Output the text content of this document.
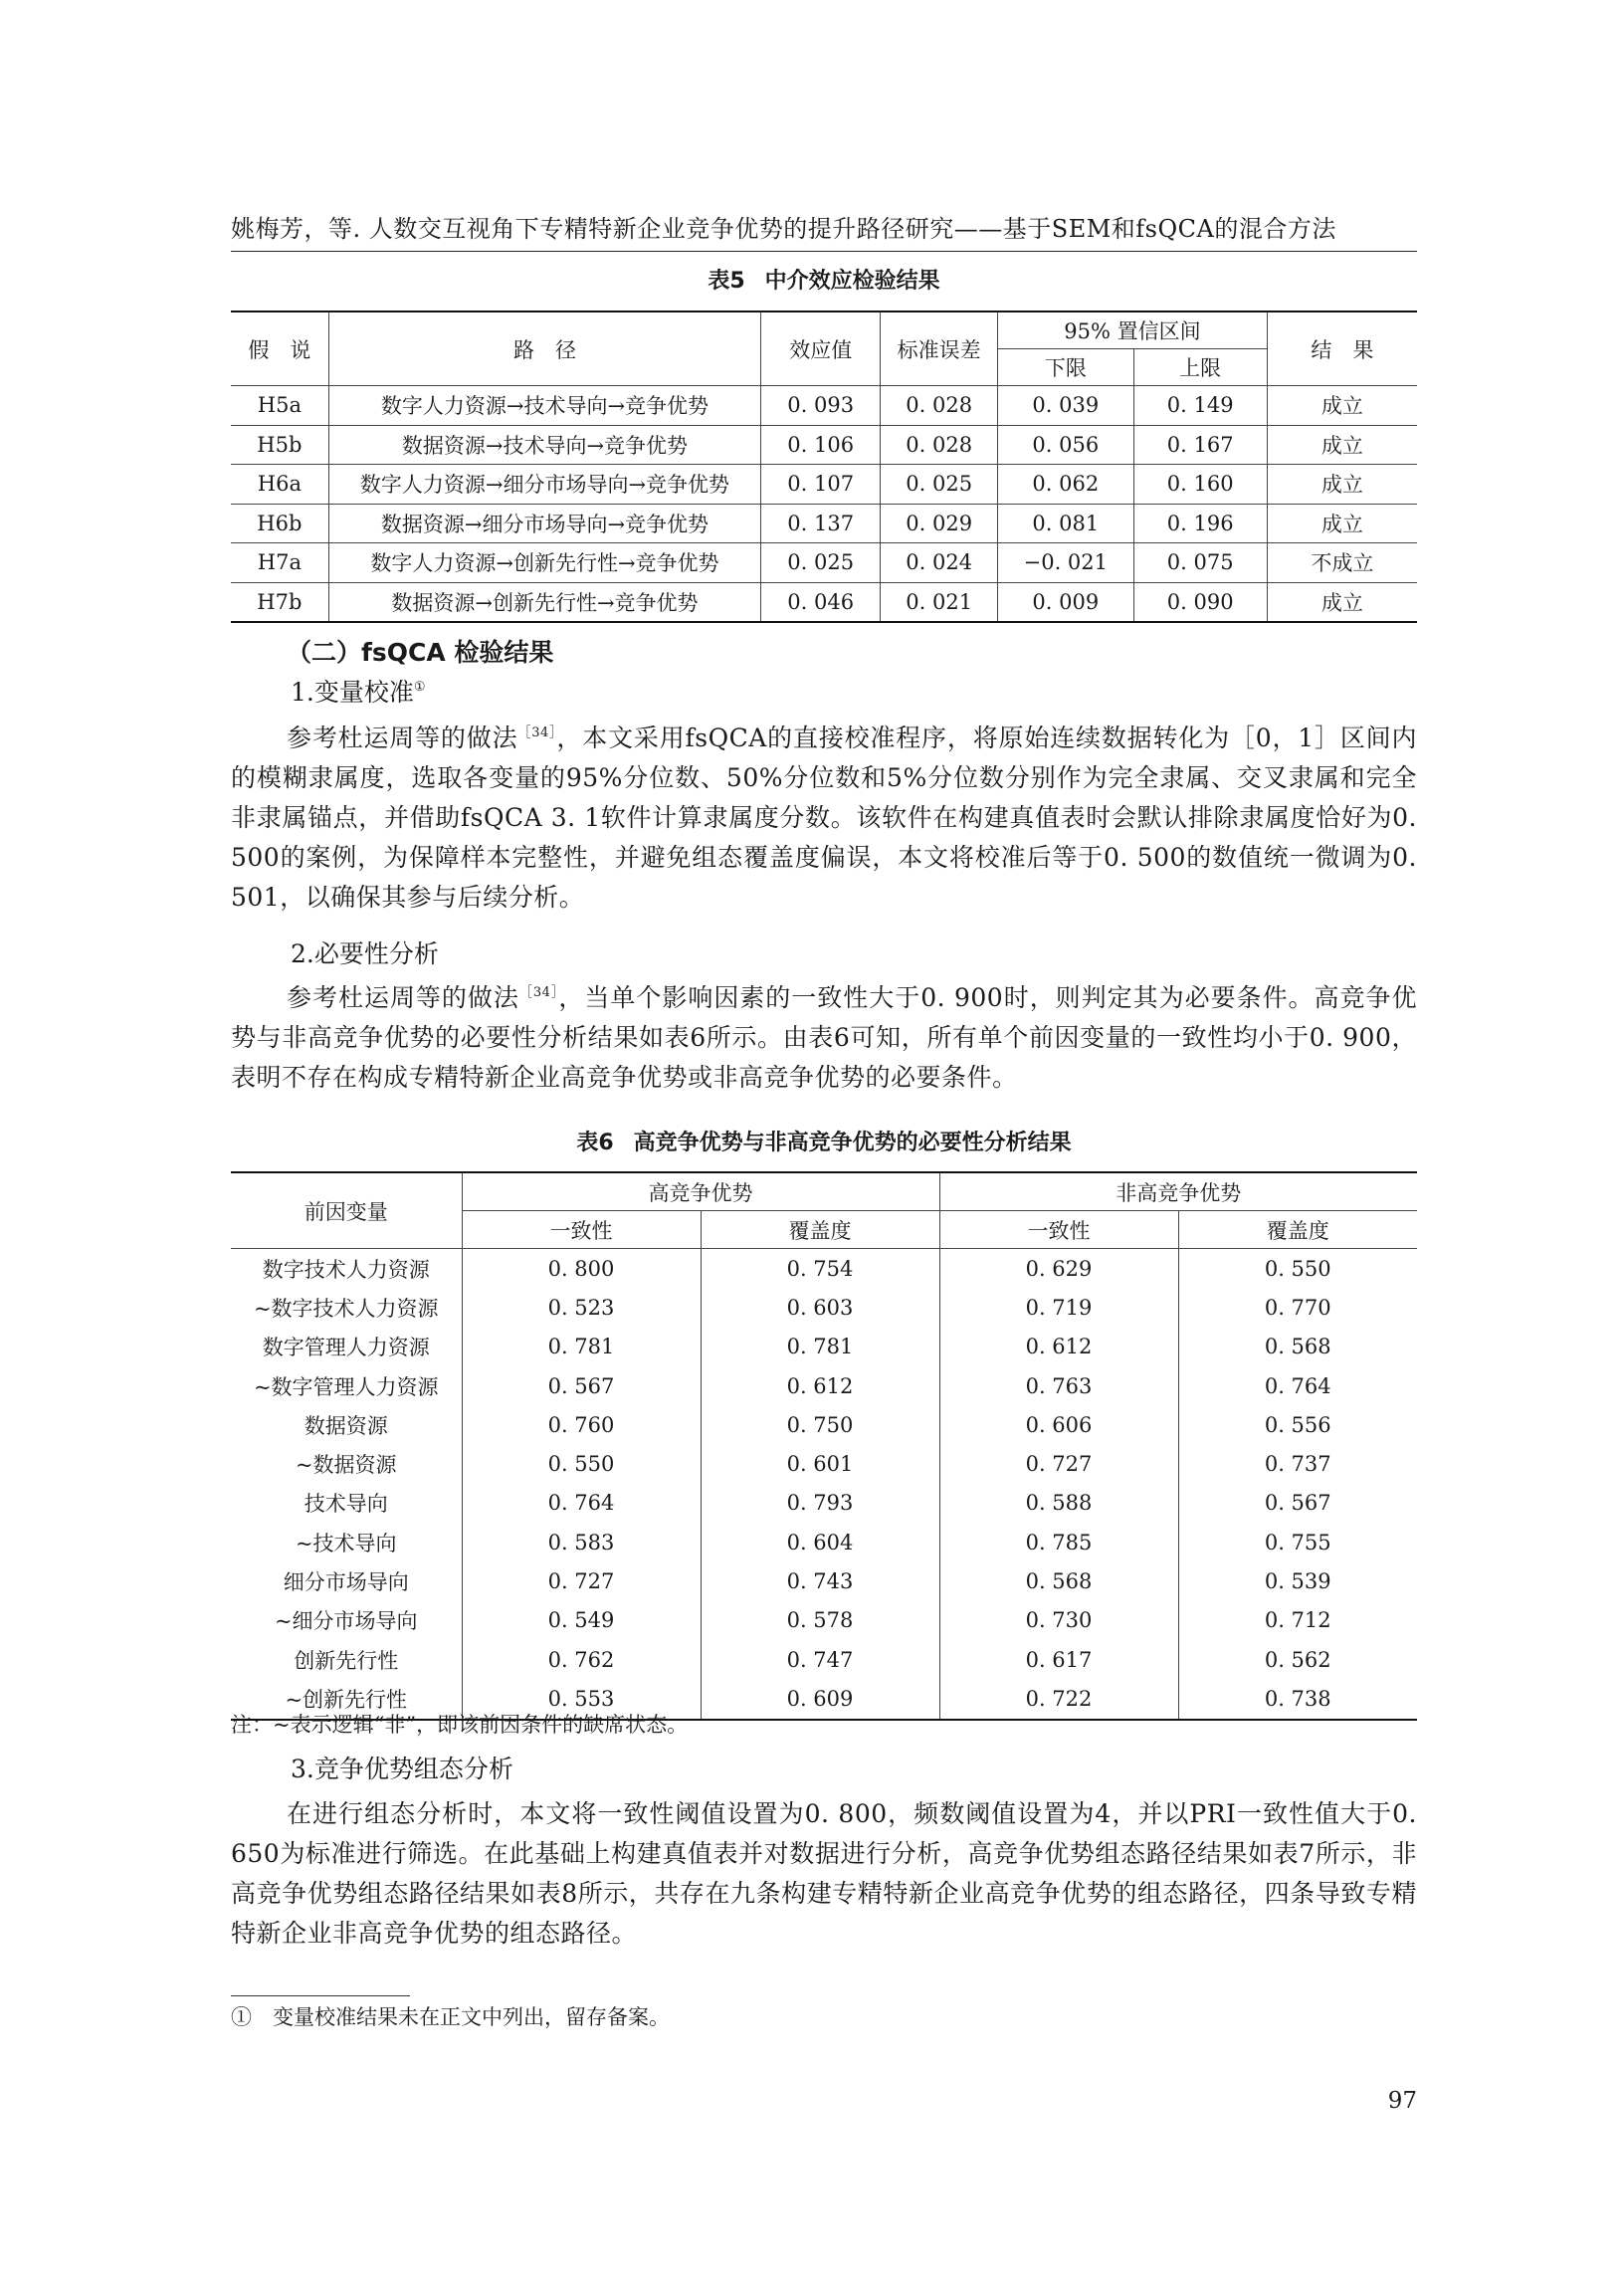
姚梅芳，等. 人数交互视角下专精特新企业竞争优势的提升路径研究——基于SEM和fsQCA的混合方法
表5 中介效应检验结果
假　说	路　径	效应值	标准误差	95% 置信区间		结　果
				下限	上限	
H5a	数字人力资源→技术导向→竞争优势	0. 093	0. 028	0. 039	0. 149	成立
H5b	数据资源→技术导向→竞争优势	0. 106	0. 028	0. 056	0. 167	成立
H6a	数字人力资源→细分市场导向→竞争优势	0. 107	0. 025	0. 062	0. 160	成立
H6b	数据资源→细分市场导向→竞争优势	0. 137	0. 029	0. 081	0. 196	成立
H7a	数字人力资源→创新先行性→竞争优势	0. 025	0. 024	−0. 021	0. 075	不成立
H7b	数据资源→创新先行性→竞争优势	0. 046	0. 021	0. 009	0. 090	成立
（二）fsQCA 检验结果
1.变量校准①
参考杜运周等的做法$^{[34]}$，本文采用fsQCA的直接校准程序，将原始连续数据转化为［0，1］区间内的模糊隶属度，选取各变量的95%分位数、50%分位数和5%分位数分别作为完全隶属、交叉隶属和完全非隶属锚点，并借助fsQCA 3. 1软件计算隶属度分数。该软件在构建真值表时会默认排除隶属度恰好为0. 500的案例，为保障样本完整性，并避免组态覆盖度偏误，本文将校准后等于0. 500的数值统一微调为0. 501，以确保其参与后续分析。
2.必要性分析
参考杜运周等的做法$^{[34]}$，当单个影响因素的一致性大于0. 900时，则判定其为必要条件。高竞争优势与非高竞争优势的必要性分析结果如表6所示。由表6可知，所有单个前因变量的一致性均小于0. 900，表明不存在构成专精特新企业高竞争优势或非高竞争优势的必要条件。
表6 高竞争优势与非高竞争优势的必要性分析结果
前因变量	高竞争优势		非高竞争优势	
	一致性	覆盖度	一致性	覆盖度
数字技术人力资源	0. 800	0. 754	0. 629	0. 550
~数字技术人力资源	0. 523	0. 603	0. 719	0. 770
数字管理人力资源	0. 781	0. 781	0. 612	0. 568
~数字管理人力资源	0. 567	0. 612	0. 763	0. 764
数据资源	0. 760	0. 750	0. 606	0. 556
~数据资源	0. 550	0. 601	0. 727	0. 737
技术导向	0. 764	0. 793	0. 588	0. 567
~技术导向	0. 583	0. 604	0. 785	0. 755
细分市场导向	0. 727	0. 743	0. 568	0. 539
~细分市场导向	0. 549	0. 578	0. 730	0. 712
创新先行性	0. 762	0. 747	0. 617	0. 562
~创新先行性	0. 553	0. 609	0. 722	0. 738
注：~表示逻辑“非”，即该前因条件的缺席状态。
3.竞争优势组态分析
在进行组态分析时，本文将一致性阈值设置为0. 800，频数阈值设置为4，并以PRI一致性值大于0. 650为标准进行筛选。在此基础上构建真值表并对数据进行分析，高竞争优势组态路径结果如表7所示，非高竞争优势组态路径结果如表8所示，共存在九条构建专精特新企业高竞争优势的组态路径，四条导致专精特新企业非高竞争优势的组态路径。
①　变量校准结果未在正文中列出，留存备案。
97
